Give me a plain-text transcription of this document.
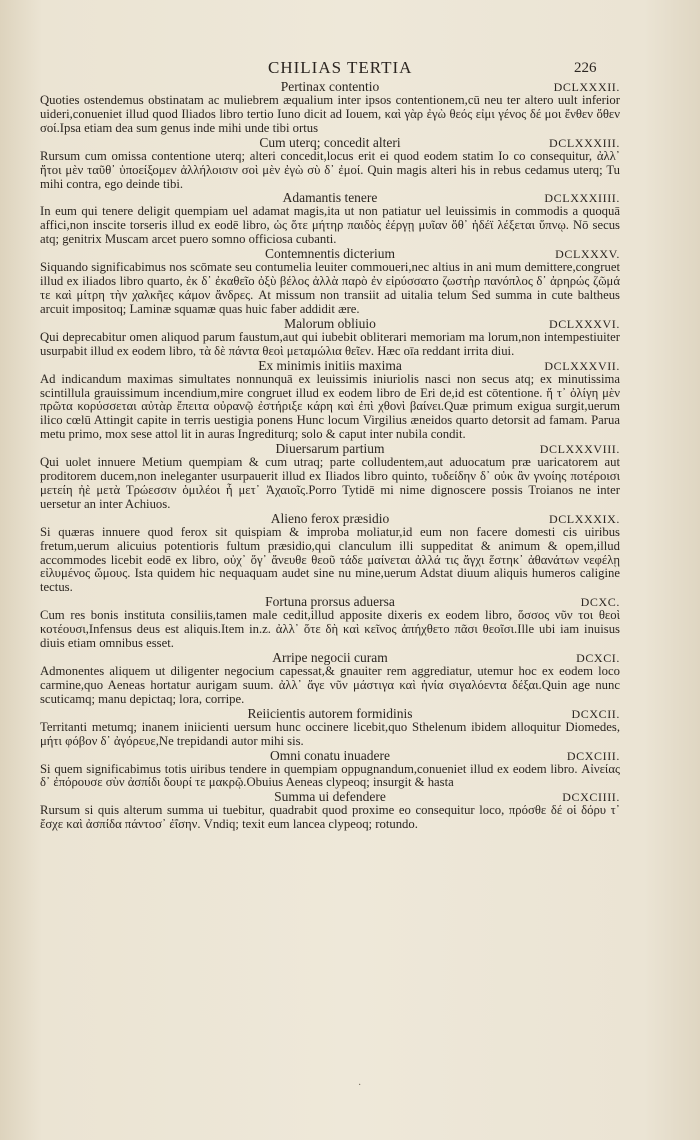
CHILIAS TERTIA	226
Pertinax contentio	DCLXXXII.

Quoties ostendemus obstinatam ac muliebrem æqualium inter ipsos contentionem,cū neu ter altero uult inferior uideri,conueniet illud quod Iliados libro tertio Iuno dicit ad Iouem, καὶ γὰρ ἐγὼ θεός εἰμι γένος δέ μοι ἔνθεν ὅθεν σοί.Ipsa etiam dea sum genus inde mihi unde tibi ortus

Cum uterq; concedit alteri	DCLXXXIII.

Rursum cum omissa contentione uterq; alteri concedit,locus erit ei quod eodem statim Io co consequitur, ἀλλ᾽ ἤτοι μὲν ταῦθ᾽ ὑποείξομεν ἀλλήλοισιν σοὶ μὲν ἐγὼ σὺ δ᾽ ἐμοί. Quin magis alteri his in rebus cedamus uterq; Tu mihi contra, ego deinde tibi.

Adamantis tenere	DCLXXXIIII.

In eum qui tenere deligit quempiam uel adamat magis,ita ut non patiatur uel leuissimis in commodis a quoquā affici,non inscite torseris illud ex eodē libro, ὡς ὅτε μήτηρ παιδὸς ἐέργῃ μυῖαν ὅθ᾽ ἡδέϊ λέξεται ὕπνῳ. Nō secus atq; genitrix Muscam arcet puero somno officiosa cubanti.

Contemnentis dicterium	DCLXXXV.

Siquando significabimus nos scōmate seu contumelia leuiter commoueri,nec altius in ani mum demittere,congruet illud ex iliados libro quarto, ἐκ δ᾽ ἐκαθεῖο ὀξὺ βέλος ἀλλὰ παρὸ ἐν εἰρύσσατο ζωστὴρ πανόπλος δ᾽ ἀρηρώς ζῶμά τε καὶ μίτρη τὴν χαλκῆες κάμον ἄνδρες. At missum non transiit ad uitalia telum Sed summa in cute baltheus arcuit impositoq; Laminæ squamæ quas huic faber addidit ære.

Malorum obliuio	DCLXXXVI.

Qui deprecabitur omen aliquod parum faustum,aut qui iubebit obliterari memoriam ma lorum,non intempestiuiter usurpabit illud ex eodem libro, τὰ δὲ πάντα θεοὶ μεταμώλια θεῖεν. Hæc oīa reddant irrita diui.

Ex minimis initiis maxima	DCLXXXVII.

Ad indicandum maximas simultates nonnunquā ex leuissimis iniuriolis nasci non secus atq; ex minutissima scintillula grauissimum incendium,mire congruet illud ex eodem libro de Eri de,id est cōtentione. ἥ τ᾽ ὀλίγη μὲν πρῶτα κορύσσεται αὐτὰρ ἔπειτα οὐρανῷ ἐστήριξε κάρη καὶ ἐπὶ χθονὶ βαίνει.Quæ primum exigua surgit,uerum ilico cœlū Attingit capite in terris uestigia ponens Hunc locum Virgilius æneidos quarto detorsit ad famam. Parua metu primo, mox sese attol lit in auras Ingrediturq; solo & caput inter nubila condit.

Diuersarum partium	DCLXXXVIII.

Qui uolet innuere Metium quempiam & cum utraq; parte colludentem,aut aduocatum præ uaricatorem aut proditorem ducem,non ineleganter usurpauerit illud ex Iliados libro quinto, τυδείδην δ᾽ οὐκ ἂν γνοίης ποτέροισι μετείη ἠὲ μετὰ Τρώεσσιν ὁμιλέοι ἦ μετ᾽ Ἀχαιοῖς.Porro Tytidē mi nime dignoscere possis Troianos ne inter uersetur an inter Achiuos.

Alieno ferox præsidio	DCLXXXIX.

Si quæras innuere quod ferox sit quispiam & improba moliatur,id eum non facere domesti cis uiribus fretum,uerum alicuius potentioris fultum præsidio,qui clanculum illi suppeditat & animum & opem,illud accommodes licebit eodē ex libro, οὐχ᾽ ὅγ᾽ ἄνευθε θεοῦ τάδε μαίνεται ἀλλά τις ἄγχι ἕστηκ᾽ ἀθανάτων νεφέλῃ εἰλυμένος ὤμους. Ista quidem hic nequaquam audet sine nu mine,uerum Adstat diuum aliquis humeros caligine tectus.

Fortuna prorsus aduersa	DCXC.

Cum res bonis instituta consiliis,tamen male cedit,illud apposite dixeris ex eodem libro, ὅσσος νῦν τοι θεοὶ κοτέουσι,Infensus deus est aliquis.Item in.z. ἀλλ᾽ ὅτε δὴ καὶ κεῖνος ἀπήχθετο πᾶσι θεοῖσι.Ille ubi iam inuisus diuis etiam omnibus esset.

Arripe negocii curam	DCXCI.

Admonentes aliquem ut diligenter negocium capessat,& gnauiter rem aggrediatur, utemur hoc ex eodem loco carmine,quo Aeneas hortatur aurigam suum. ἀλλ᾽ ἄγε νῦν μάστιγα καὶ ἡνία σιγαλόεντα δέξαι.Quin age nunc scuticamq; manu depictaq; lora, corripe.

Reiicientis autorem formidinis	DCXCII.

Territanti metumq; inanem iniicienti uersum hunc occinere licebit,quo Sthelenum ibidem alloquitur Diomedes, μήτι φόβον δ᾽ ἀγόρευε,Ne trepidandi autor mihi sis.

Omni conatu inuadere	DCXCIII.

Si quem significabimus totis uiribus tendere in quempiam oppugnandum,conueniet illud ex eodem libro. Αἰνείας δ᾽ ἐπόρουσε σὺν ἀσπίδι δουρί τε μακρῷ.Obuius Aeneas clypeoq; insurgit & hasta

Summa ui defendere	DCXCIIII.

Rursum si quis alterum summa ui tuebitur, quadrabit quod proxime eo consequitur loco, πρόσθε δέ οἱ δόρυ τ᾽ ἔσχε καὶ ἀσπίδα πάντοσ᾽ ἐΐσην. Vndiq; texit eum lancea clypeoq; rotundo.

·
